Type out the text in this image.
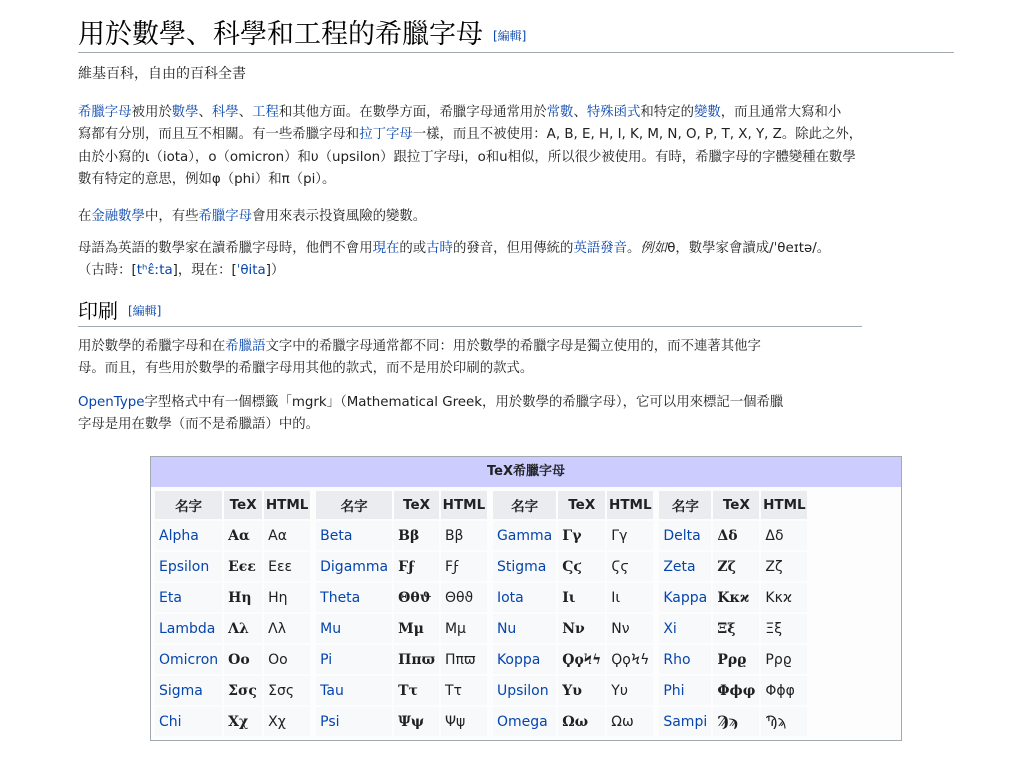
用於數學、科學和工程的希臘字母 [編輯]
維基百科，自由的百科全書
希臘字母被用於數學、科學、工程和其他方面。在數學方面，希臘字母通常用於常數、特殊函式和特定的變數，而且通常大寫和小
寫都有分別，而且互不相關。有一些希臘字母和拉丁字母一樣，而且不被使用：A, B, E, H, I, K, M, N, O, P, T, X, Y, Z。除此之外，
由於小寫的ι（iota），ο（omicron）和υ（upsilon）跟拉丁字母i，o和u相似，所以很少被使用。有時，希臘字母的字體變種在數學
數有特定的意思，例如φ（phi）和π（pi）。
在金融數學中，有些希臘字母會用來表示投資風險的變數。
母語為英語的數學家在讀希臘字母時，他們不會用現在的或古時的發音，但用傳統的英語發音。例如θ，數學家會讀成/ˈθeɪtə/。
（古時：[tʰɛ̂ːta]，現在：[ˈθita]）
印刷 [編輯]
用於數學的希臘字母和在希臘語文字中的希臘字母通常都不同：用於數學的希臘字母是獨立使用的，而不連著其他字
母。而且，有些用於數學的希臘字母用其他的款式，而不是用於印刷的款式。
OpenType字型格式中有一個標籤「mgrk」（Mathematical Greek，用於數學的希臘字母），它可以用來標記一個希臘
字母是用在數學（而不是希臘語）中的。
TeX希臘字母
名字	TeX	HTML
Alpha	Αα	Αα
Epsilon	Εϵε	Εεε
Eta	Ηη	Ηη
Lambda	Λλ	Λλ
Omicron	Οo	Οο
Sigma	Σσς	Σσς
Chi	Χχ	Χχ
名字	TeX	HTML
Beta	Ββ	Ββ
Digamma	Ϝϝ	Ϝϝ
Theta	Θθϑ	Θθϑ
Mu	Μμ	Μμ
Pi	Ππϖ	Ππϖ
Tau	Ττ	Ττ
Psi	Ψψ	Ψψ
名字	TeX	HTML
Gamma	Γγ	Γγ
Stigma	Ϛϛ	Ϛϛ
Iota	Ιι	Ιι
Nu	Νν	Νν
Koppa	ϘϙϞϟ	ϘϙϞϟ
Upsilon	Υυ	Υυ
Omega	Ωω	Ωω
名字	TeX	HTML
Delta	Δδ	Δδ
Zeta	Ζζ	Ζζ
Kappa	Κκϰ	Κκϰ
Xi	Ξξ	Ξξ
Rho	Ρρϱ	Ρρϱ
Phi	Φϕφ	Φϕφ
Sampi	Ϡϡ	Ϡϡ
